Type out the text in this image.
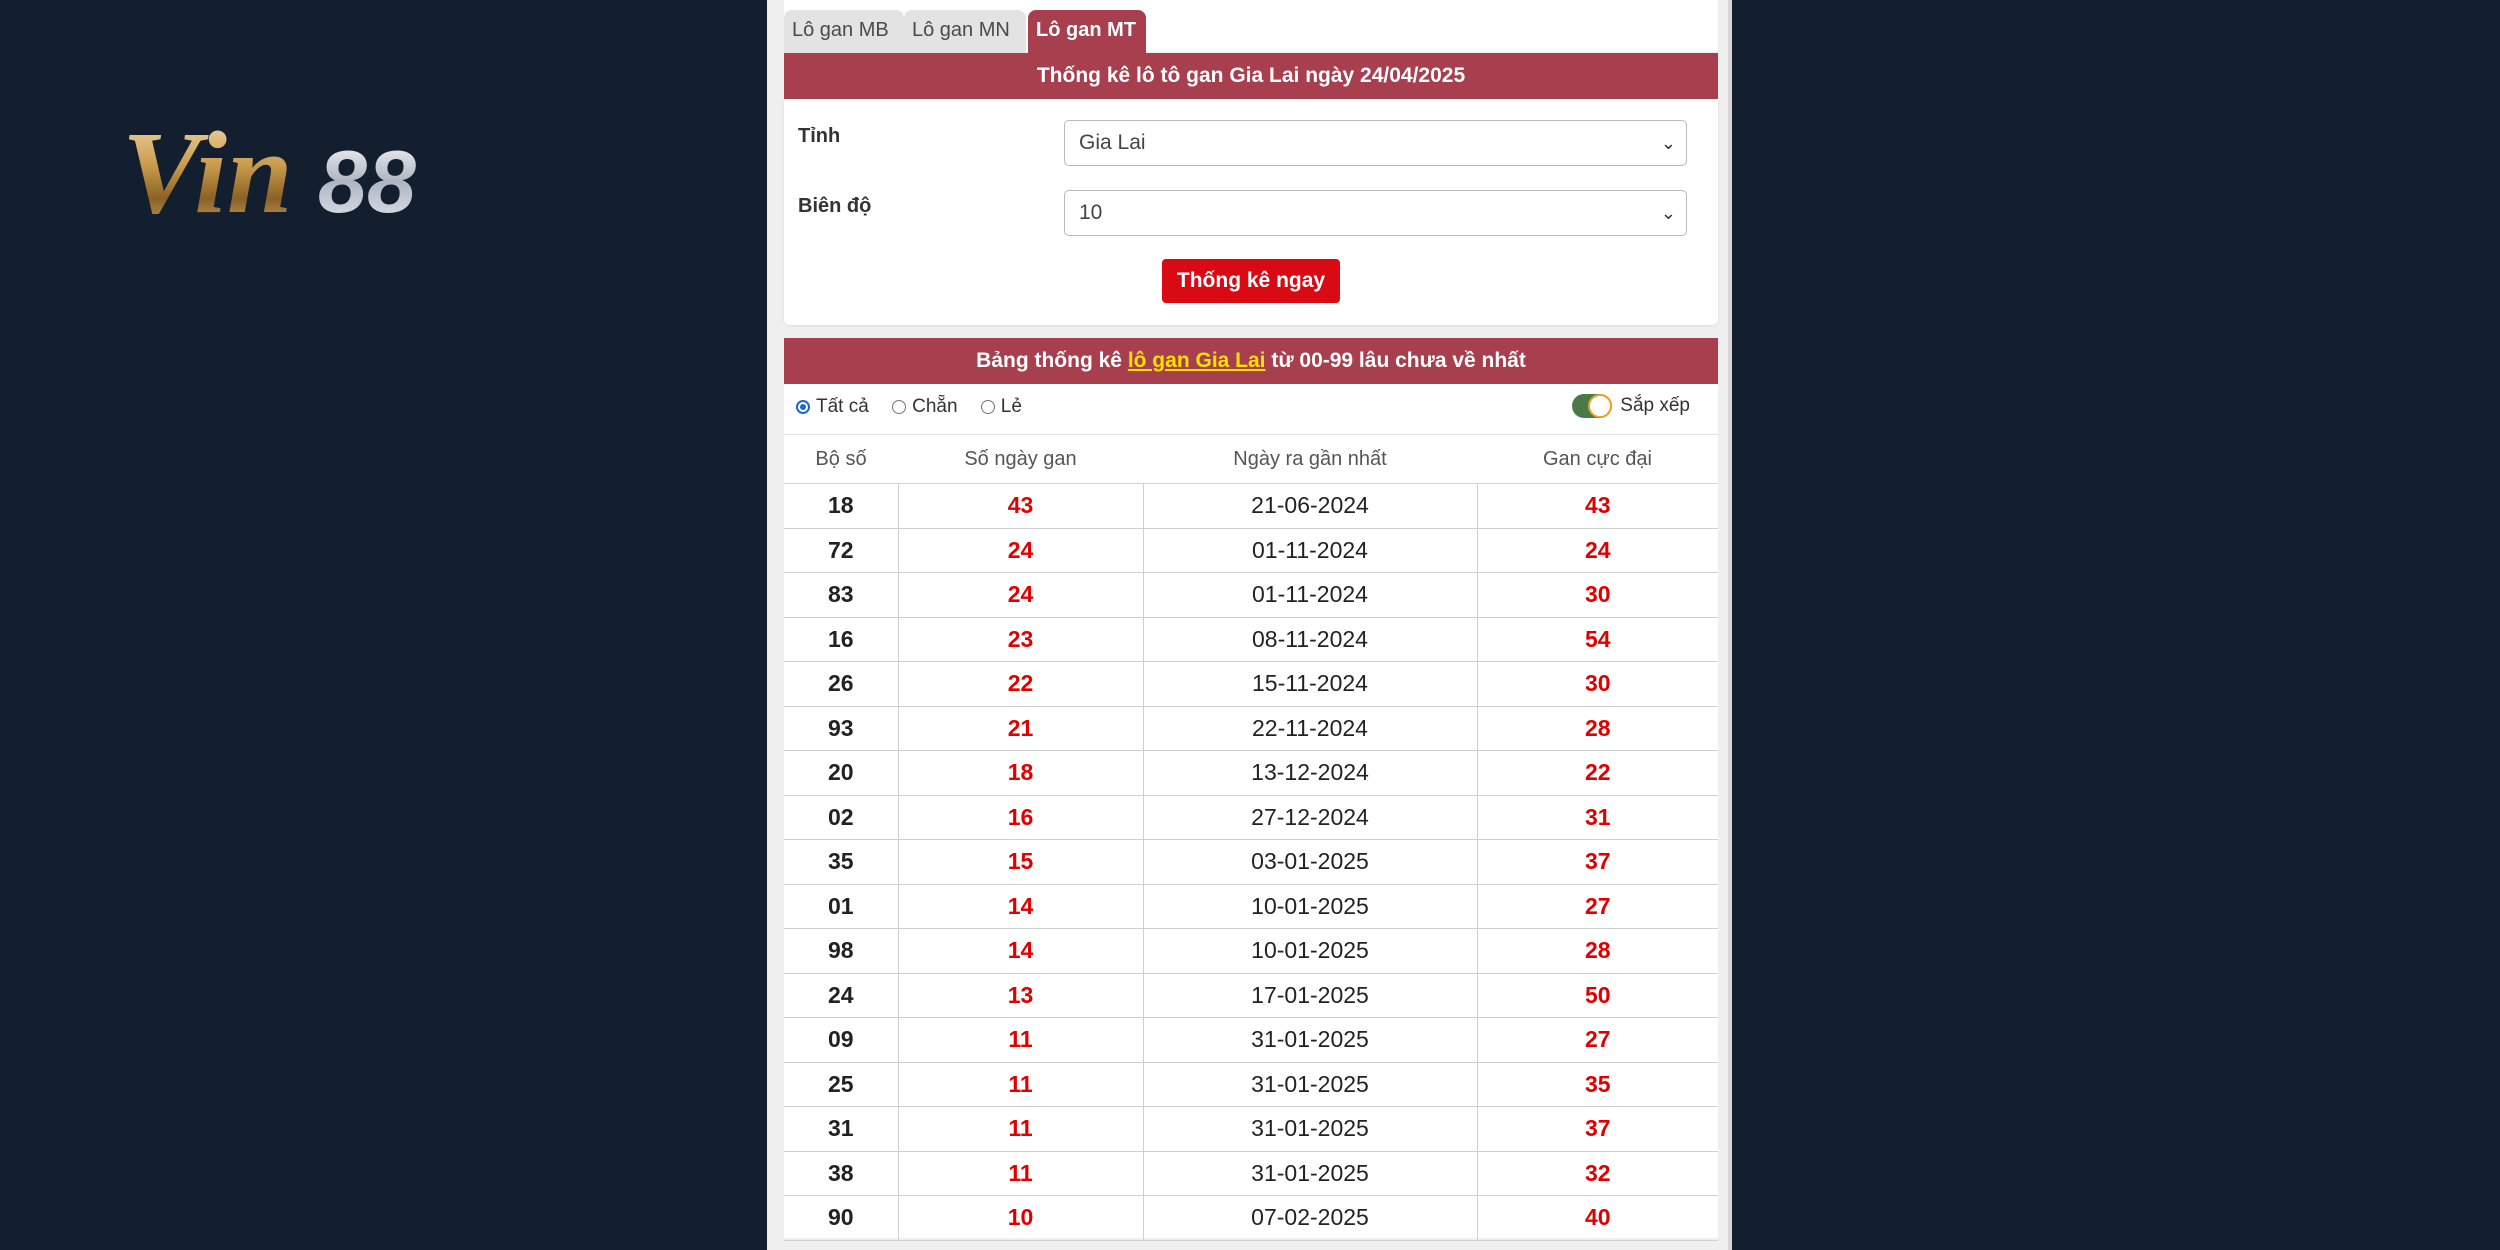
Vin 88
Lô gan MB	Lô gan MN	Lô gan MT
Thống kê lô tô gan Gia Lai ngày 24/04/2025
Tỉnh	Gia Lai	⌄
Biên độ	10	⌄
Thống kê ngay
Bảng thống kê lô gan Gia Lai từ 00-99 lâu chưa về nhất
Tất cả
Chẵn
Lẻ	Sắp xếp
Bộ số	Số ngày gan	Ngày ra gần nhất	Gan cực đại
18	43	21-06-2024	43
72	24	01-11-2024	24
83	24	01-11-2024	30
16	23	08-11-2024	54
26	22	15-11-2024	30
93	21	22-11-2024	28
20	18	13-12-2024	22
02	16	27-12-2024	31
35	15	03-01-2025	37
01	14	10-01-2025	27
98	14	10-01-2025	28
24	13	17-01-2025	50
09	11	31-01-2025	27
25	11	31-01-2025	35
31	11	31-01-2025	37
38	11	31-01-2025	32
90	10	07-02-2025	40
